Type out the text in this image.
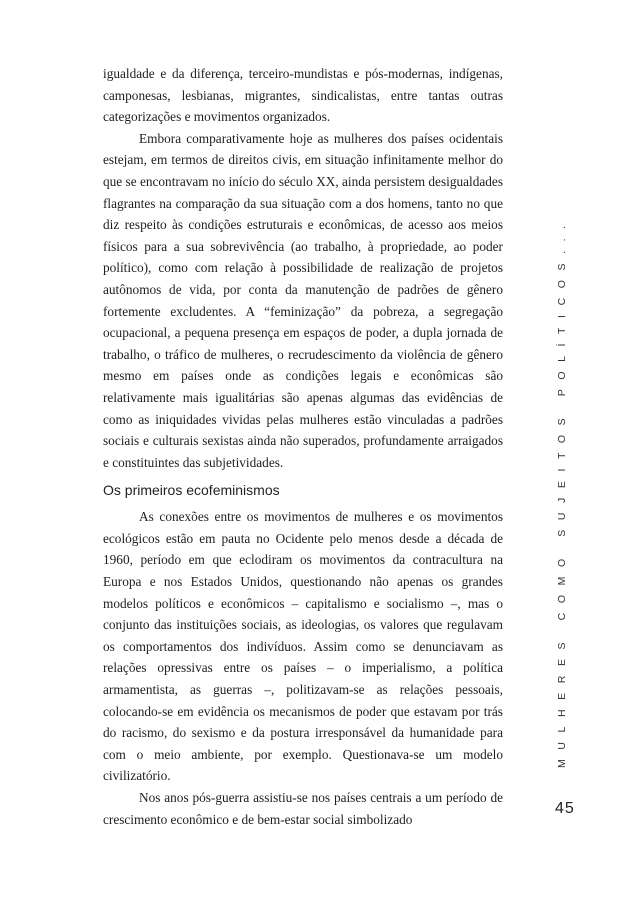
igualdade e da diferença, terceiro-mundistas e pós-modernas, indígenas, camponesas, lesbianas, migrantes, sindicalistas, entre tantas outras categorizações e movimentos organizados.

Embora comparativamente hoje as mulheres dos países ocidentais estejam, em termos de direitos civis, em situação infinitamente melhor do que se encontravam no início do século XX, ainda persistem desigualdades flagrantes na comparação da sua situação com a dos homens, tanto no que diz respeito às condições estruturais e econômicas, de acesso aos meios físicos para a sua sobrevivência (ao trabalho, à propriedade, ao poder político), como com relação à possibilidade de realização de projetos autônomos de vida, por conta da manutenção de padrões de gênero fortemente excludentes. A “feminização” da pobreza, a segregação ocupacional, a pequena presença em espaços de poder, a dupla jornada de trabalho, o tráfico de mulheres, o recrudescimento da violência de gênero mesmo em países onde as condições legais e econômicas são relativamente mais igualitárias são apenas algumas das evidências de como as iniquidades vividas pelas mulheres estão vinculadas a padrões sociais e culturais sexistas ainda não superados, profundamente arraigados e constituintes das subjetividades.

Os primeiros ecofeminismos

As conexões entre os movimentos de mulheres e os movimentos ecológicos estão em pauta no Ocidente pelo menos desde a década de 1960, período em que eclodiram os movimentos da contracultura na Europa e nos Estados Unidos, questionando não apenas os grandes modelos políticos e econômicos – capitalismo e socialismo –, mas o conjunto das instituições sociais, as ideologias, os valores que regulavam os comportamentos dos indivíduos. Assim como se denunciavam as relações opressivas entre os países – o imperialismo, a política armamentista, as guerras –, politizavam-se as relações pessoais, colocando-se em evidência os mecanismos de poder que estavam por trás do racismo, do sexismo e da postura irresponsável da humanidade para com o meio ambiente, por exemplo. Questionava-se um modelo civilizatório.

Nos anos pós-guerra assistiu-se nos países centrais a um período de crescimento econômico e de bem-estar social simbolizado

MULHERES COMO SUJEITOS POLÍTICOS...
45
